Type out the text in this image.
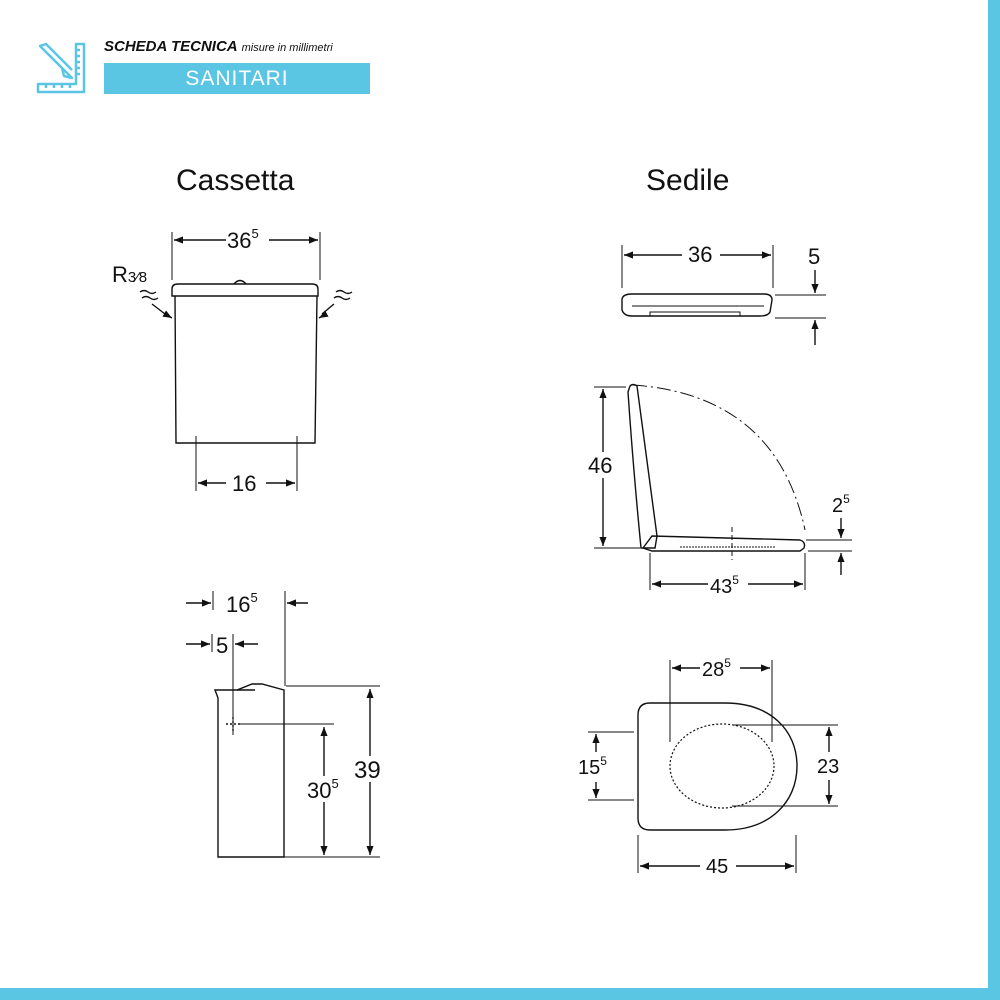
SCHEDA TECNICA misure in millimetri
SANITARI
Cassetta	Sedile
$36^5$
R3⁄8
16
$16^5$
5
$30^5$ 39
36	5
46
$43^5$
$2^5$
$28^5$
$15^5$	23
45
